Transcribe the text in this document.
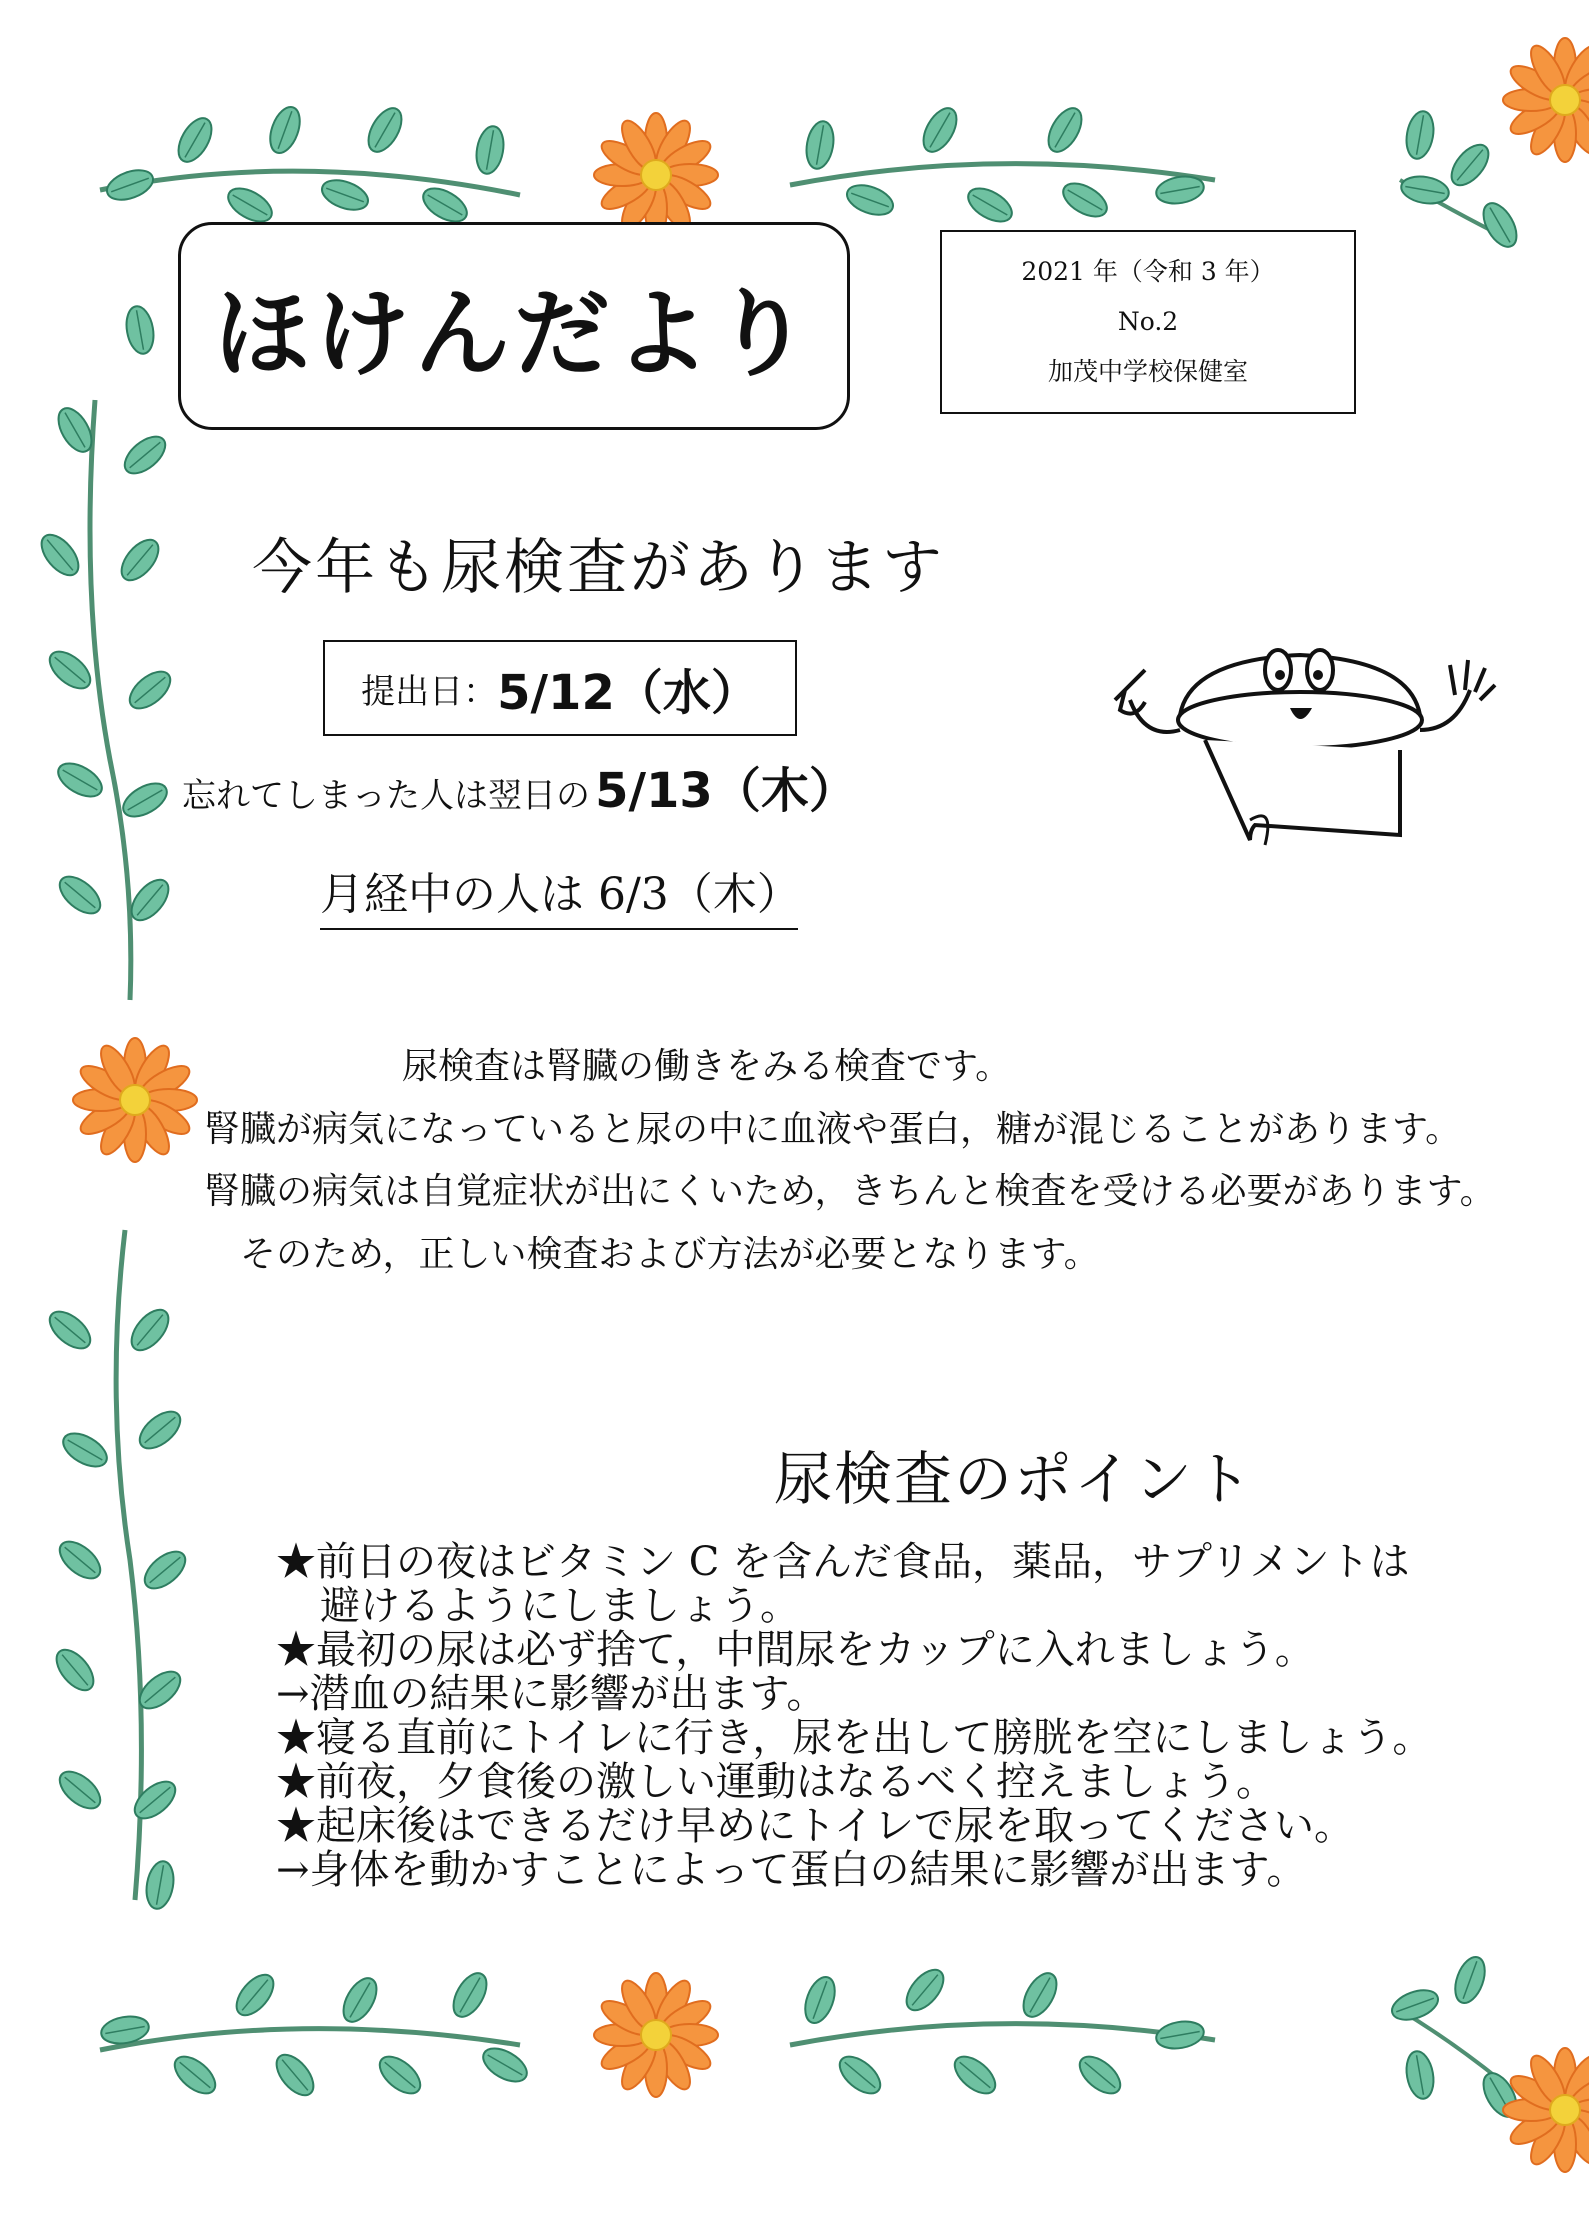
ほけんだより
2021 年（令和 3 年）
No.2
加茂中学校保健室
今年も尿検査があります
提出日： 5/12（水）
忘れてしまった人は翌日の 5/13（木）
月経中の人は 6/3（木）
尿検査は腎臓の働きをみる検査です。
腎臓が病気になっていると尿の中に血液や蛋白，糖が混じることがあります。
腎臓の病気は自覚症状が出にくいため，きちんと検査を受ける必要があります。
そのため，正しい検査および方法が必要となります。
尿検査のポイント
★前日の夜はビタミン C を含んだ食品，薬品，サプリメントは
避けるようにしましょう。
★最初の尿は必ず捨て，中間尿をカップに入れましょう。
→潜血の結果に影響が出ます。
★寝る直前にトイレに行き，尿を出して膀胱を空にしましょう。
★前夜，夕食後の激しい運動はなるべく控えましょう。
★起床後はできるだけ早めにトイレで尿を取ってください。
→身体を動かすことによって蛋白の結果に影響が出ます。
